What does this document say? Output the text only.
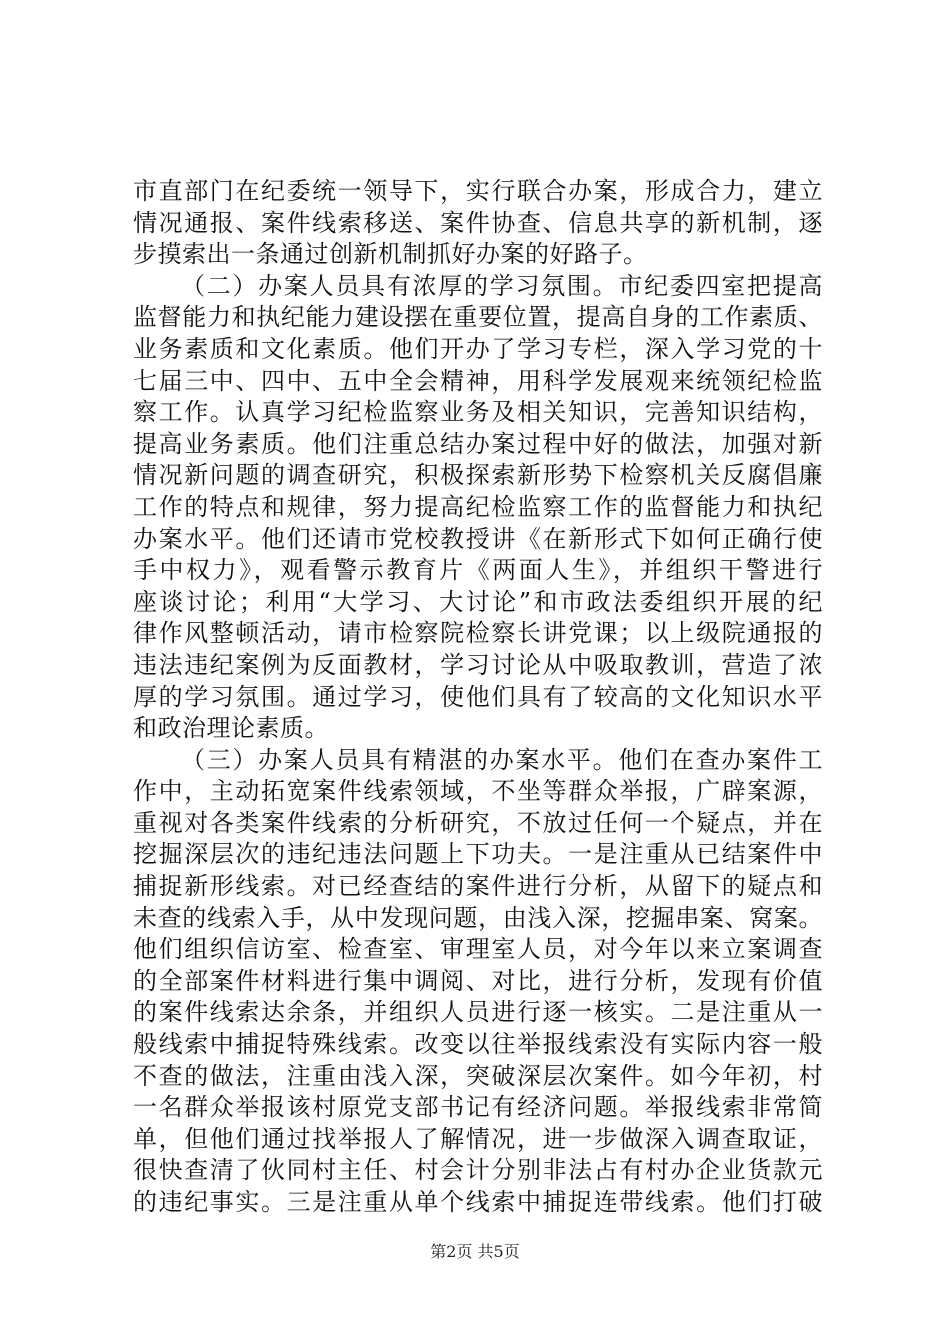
市直部门在纪委统一领导下，实行联合办案，形成合力，建立
情况通报、案件线索移送、案件协查、信息共享的新机制，逐
步摸索出一条通过创新机制抓好办案的好路子。
（二）办案人员具有浓厚的学习氛围。市纪委四室把提高
监督能力和执纪能力建设摆在重要位置，提高自身的工作素质、
业务素质和文化素质。他们开办了学习专栏，深入学习党的十
七届三中、四中、五中全会精神，用科学发展观来统领纪检监
察工作。认真学习纪检监察业务及相关知识，完善知识结构，
提高业务素质。他们注重总结办案过程中好的做法，加强对新
情况新问题的调查研究，积极探索新形势下检察机关反腐倡廉
工作的特点和规律，努力提高纪检监察工作的监督能力和执纪
办案水平。他们还请市党校教授讲《在新形式下如何正确行使
手中权力》，观看警示教育片《两面人生》，并组织干警进行
座谈讨论；利用“大学习、大讨论”和市政法委组织开展的纪
律作风整顿活动，请市检察院检察长讲党课；以上级院通报的
违法违纪案例为反面教材，学习讨论从中吸取教训，营造了浓
厚的学习氛围。通过学习，使他们具有了较高的文化知识水平
和政治理论素质。
（三）办案人员具有精湛的办案水平。他们在查办案件工
作中，主动拓宽案件线索领域，不坐等群众举报，广辟案源，
重视对各类案件线索的分析研究，不放过任何一个疑点，并在
挖掘深层次的违纪违法问题上下功夫。一是注重从已结案件中
捕捉新形线索。对已经查结的案件进行分析，从留下的疑点和
未查的线索入手，从中发现问题，由浅入深，挖掘串案、窝案。
他们组织信访室、检查室、审理室人员，对今年以来立案调查
的全部案件材料进行集中调阅、对比，进行分析，发现有价值
的案件线索达余条，并组织人员进行逐一核实。二是注重从一
般线索中捕捉特殊线索。改变以往举报线索没有实际内容一般
不查的做法，注重由浅入深，突破深层次案件。如今年初，村
一名群众举报该村原党支部书记有经济问题。举报线索非常简
单，但他们通过找举报人了解情况，进一步做深入调查取证，
很快查清了伙同村主任、村会计分别非法占有村办企业货款元
的违纪事实。三是注重从单个线索中捕捉连带线索。他们打破
第2页 共5页
